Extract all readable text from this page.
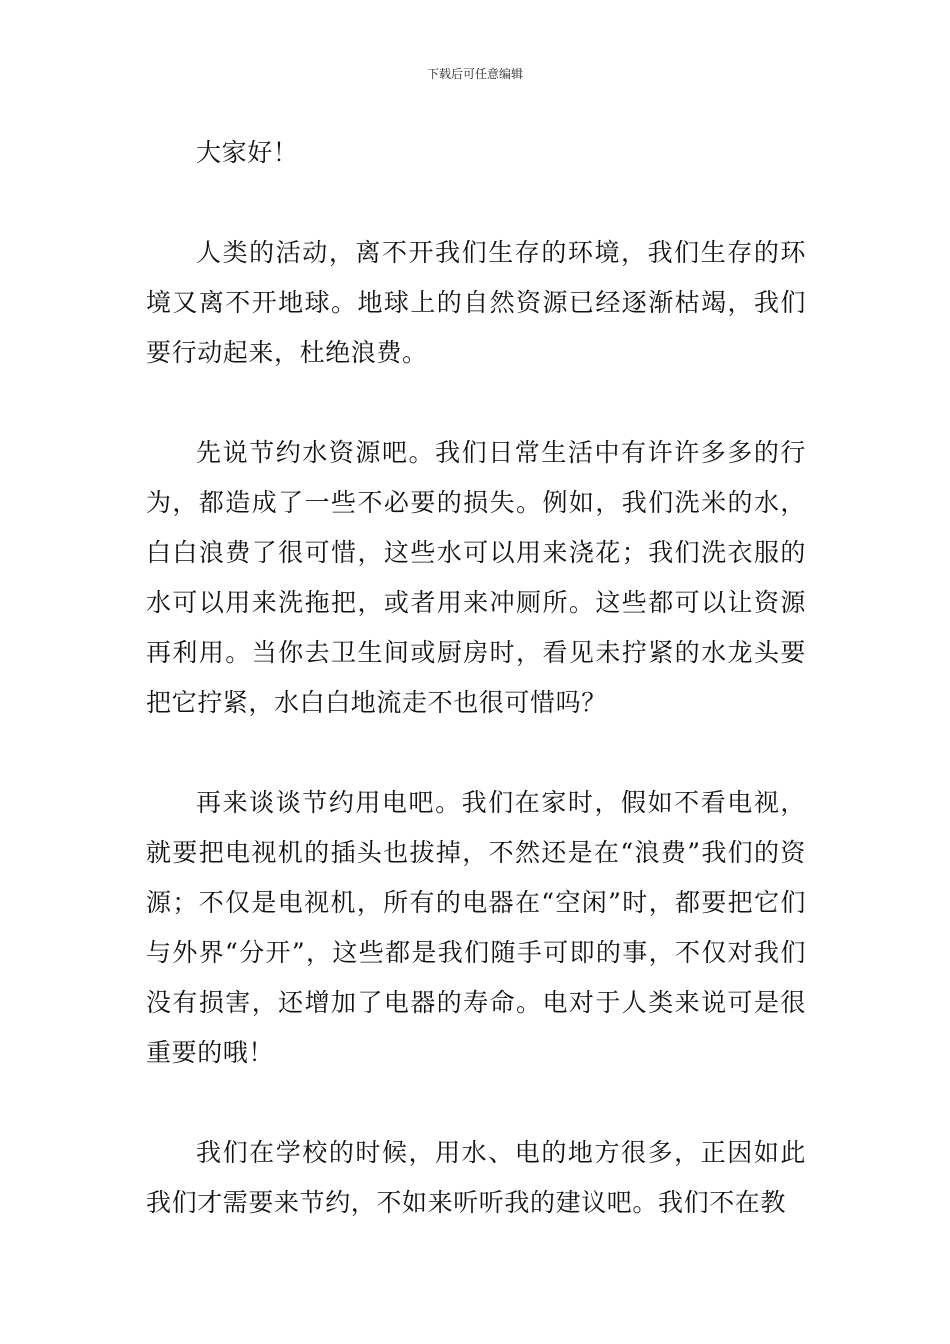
下载后可任意编辑

大家好！

人类的活动，离不开我们生存的环境，我们生存的环境又离不开地球。地球上的自然资源已经逐渐枯竭，我们要行动起来，杜绝浪费。

先说节约水资源吧。我们日常生活中有许许多多的行为，都造成了一些不必要的损失。例如，我们洗米的水，白白浪费了很可惜，这些水可以用来浇花；我们洗衣服的水可以用来洗拖把，或者用来冲厕所。这些都可以让资源再利用。当你去卫生间或厨房时，看见未拧紧的水龙头要把它拧紧，水白白地流走不也很可惜吗？

再来谈谈节约用电吧。我们在家时，假如不看电视，就要把电视机的插头也拔掉，不然还是在“浪费”我们的资源；不仅是电视机，所有的电器在“空闲”时，都要把它们与外界“分开”，这些都是我们随手可即的事，不仅对我们没有损害，还增加了电器的寿命。电对于人类来说可是很重要的哦！

我们在学校的时候，用水、电的地方很多，正因如此我们才需要来节约，不如来听听我的建议吧。我们不在教
